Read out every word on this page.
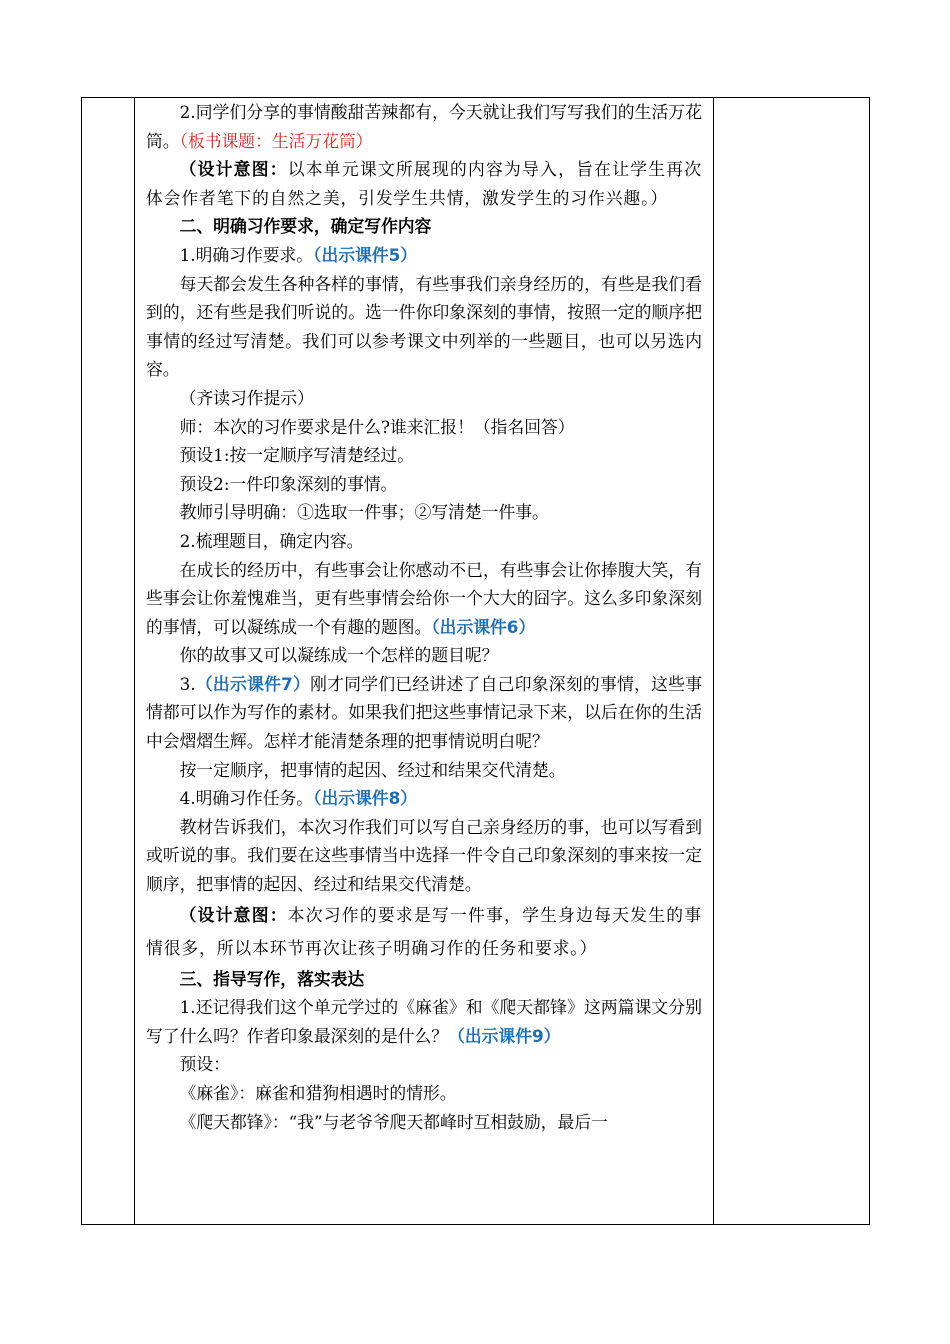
2.同学们分享的事情酸甜苦辣都有，今天就让我们写写我们的生活万花筒。（板书课题：生活万花筒）

（设计意图：以本单元课文所展现的内容为导入，旨在让学生再次体会作者笔下的自然之美，引发学生共情，激发学生的习作兴趣。）

二、明确习作要求，确定写作内容

1.明确习作要求。（出示课件5）

每天都会发生各种各样的事情，有些事我们亲身经历的，有些是我们看到的，还有些是我们听说的。选一件你印象深刻的事情，按照一定的顺序把事情的经过写清楚。我们可以参考课文中列举的一些题目，也可以另选内容。

（齐读习作提示）

师：本次的习作要求是什么?谁来汇报！（指名回答）

预设1:按一定顺序写清楚经过。

预设2:一件印象深刻的事情。

教师引导明确：①选取一件事；②写清楚一件事。

2.梳理题目，确定内容。

在成长的经历中，有些事会让你感动不已，有些事会让你捧腹大笑，有些事会让你羞愧难当，更有些事情会给你一个大大的囧字。这么多印象深刻的事情，可以凝练成一个有趣的题图。（出示课件6）

你的故事又可以凝练成一个怎样的题目呢？

3.（出示课件7）刚才同学们已经讲述了自己印象深刻的事情，这些事情都可以作为写作的素材。如果我们把这些事情记录下来，以后在你的生活中会熠熠生辉。怎样才能清楚条理的把事情说明白呢？

按一定顺序，把事情的起因、经过和结果交代清楚。

4.明确习作任务。（出示课件8）

教材告诉我们，本次习作我们可以写自己亲身经历的事，也可以写看到或听说的事。我们要在这些事情当中选择一件令自己印象深刻的事来按一定顺序，把事情的起因、经过和结果交代清楚。

（设计意图：本次习作的要求是写一件事，学生身边每天发生的事情很多，所以本环节再次让孩子明确习作的任务和要求。）

三、指导写作，落实表达

1.还记得我们这个单元学过的《麻雀》和《爬天都锋》这两篇课文分别写了什么吗？作者印象最深刻的是什么？（出示课件9）

预设：

《麻雀》：麻雀和猎狗相遇时的情形。

《爬天都锋》：“我”与老爷爷爬天都峰时互相鼓励，最后一
